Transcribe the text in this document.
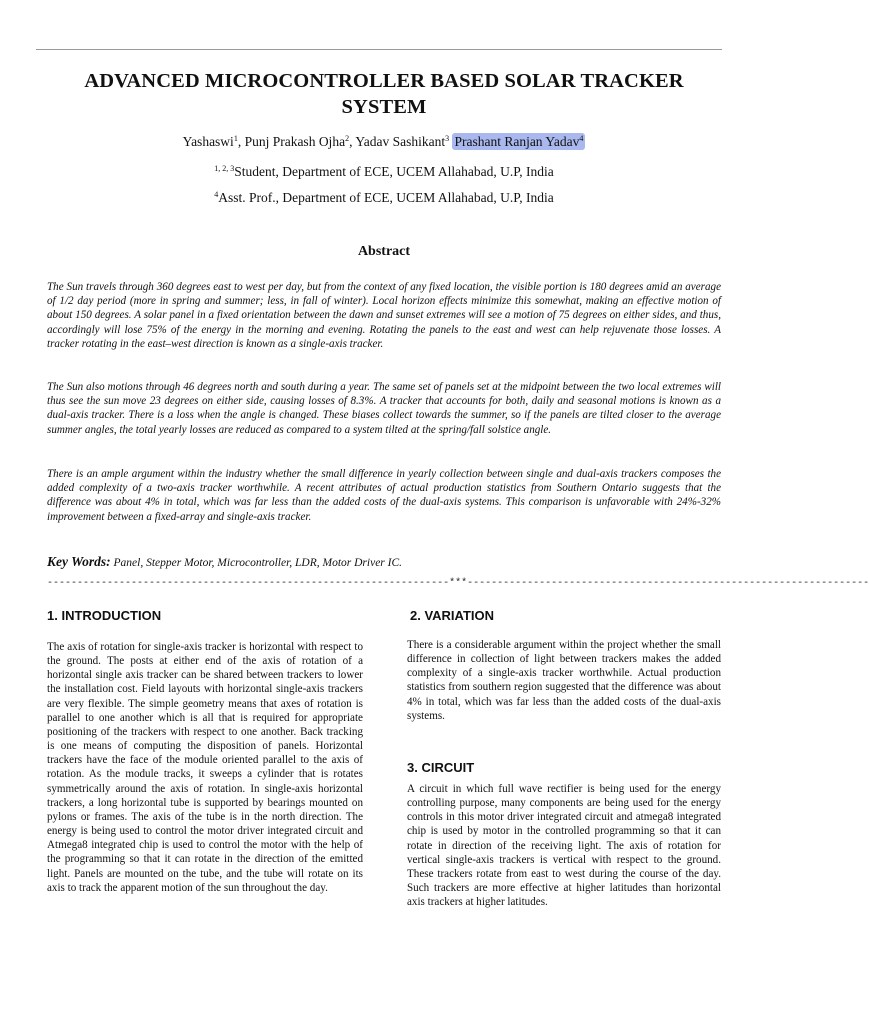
ADVANCED MICROCONTROLLER BASED SOLAR TRACKER SYSTEM
Yashaswi$^1$, Punj Prakash Ojha$^2$, Yadav Sashikant$^3$ Prashant Ranjan Yadav$^4$
$^{1, 2, 3}$Student, Department of ECE, UCEM Allahabad, U.P, India
$^4$Asst. Prof., Department of ECE, UCEM Allahabad, U.P, India
Abstract

The Sun travels through 360 degrees east to west per day, but from the context of any fixed location, the visible portion is 180 degrees amid an average of 1/2 day period (more in spring and summer; less, in fall of winter). Local horizon effects minimize this somewhat, making an effective motion of about 150 degrees. A solar panel in a fixed orientation between the dawn and sunset extremes will see a motion of 75 degrees on either sides, and thus, accordingly will lose 75% of the energy in the morning and evening. Rotating the panels to the east and west can help rejuvenate those losses. A tracker rotating in the east–west direction is known as a single-axis tracker.

The Sun also motions through 46 degrees north and south during a year. The same set of panels set at the midpoint between the two local extremes will thus see the sun move 23 degrees on either side, causing losses of 8.3%. A tracker that accounts for both, daily and seasonal motions is known as a dual-axis tracker. There is a loss when the angle is changed. These biases collect towards the summer, so if the panels are tilted closer to the average summer angles, the total yearly losses are reduced as compared to a system tilted at the spring/fall solstice angle.

There is an ample argument within the industry whether the small difference in yearly collection between single and dual-axis trackers composes the added complexity of a two-axis tracker worthwhile. A recent attributes of actual production statistics from Southern Ontario suggests that the difference was about 4% in total, which was far less than the added costs of the dual-axis systems. This comparison is unfavorable with 24%-32% improvement between a fixed-array and single-axis tracker.

Key Words: Panel, Stepper Motor, Microcontroller, LDR, Motor Driver IC.
-------------------------------------------------------------------***-------------------------------------------------------------------
1. INTRODUCTION

The axis of rotation for single-axis tracker is horizontal with respect to the ground. The posts at either end of the axis of rotation of a horizontal single axis tracker can be shared between trackers to lower the installation cost. Field layouts with horizontal single-axis trackers are very flexible. The simple geometry means that axes of rotation is parallel to one another which is all that is required for appropriate positioning of the trackers with respect to one another. Back tracking is one means of computing the disposition of panels. Horizontal trackers have the face of the module oriented parallel to the axis of rotation. As the module tracks, it sweeps a cylinder that is rotates symmetrically around the axis of rotation. In single-axis horizontal trackers, a long horizontal tube is supported by bearings mounted on pylons or frames. The axis of the tube is in the north direction. The energy is being used to control the motor driver integrated circuit and Atmega8 integrated chip is used to control the motor with the help of the programming so that it can rotate in the direction of the emitted light. Panels are mounted on the tube, and the tube will rotate on its axis to track the apparent motion of the sun throughout the day.

2. VARIATION

There is a considerable argument within the project whether the small difference in collection of light between trackers makes the added complexity of a single-axis tracker worthwhile. Actual production statistics from southern region suggested that the difference was about 4% in total, which was far less than the added costs of the dual-axis systems.

3. CIRCUIT

A circuit in which full wave rectifier is being used for the energy controlling purpose, many components are being used for the energy controls in this motor driver integrated circuit and atmega8 integrated chip is used by motor in the controlled programming so that it can rotate in direction of the receiving light. The axis of rotation for vertical single-axis trackers is vertical with respect to the ground. These trackers rotate from east to west during the course of the day. Such trackers are more effective at higher latitudes than horizontal axis trackers at higher latitudes.
